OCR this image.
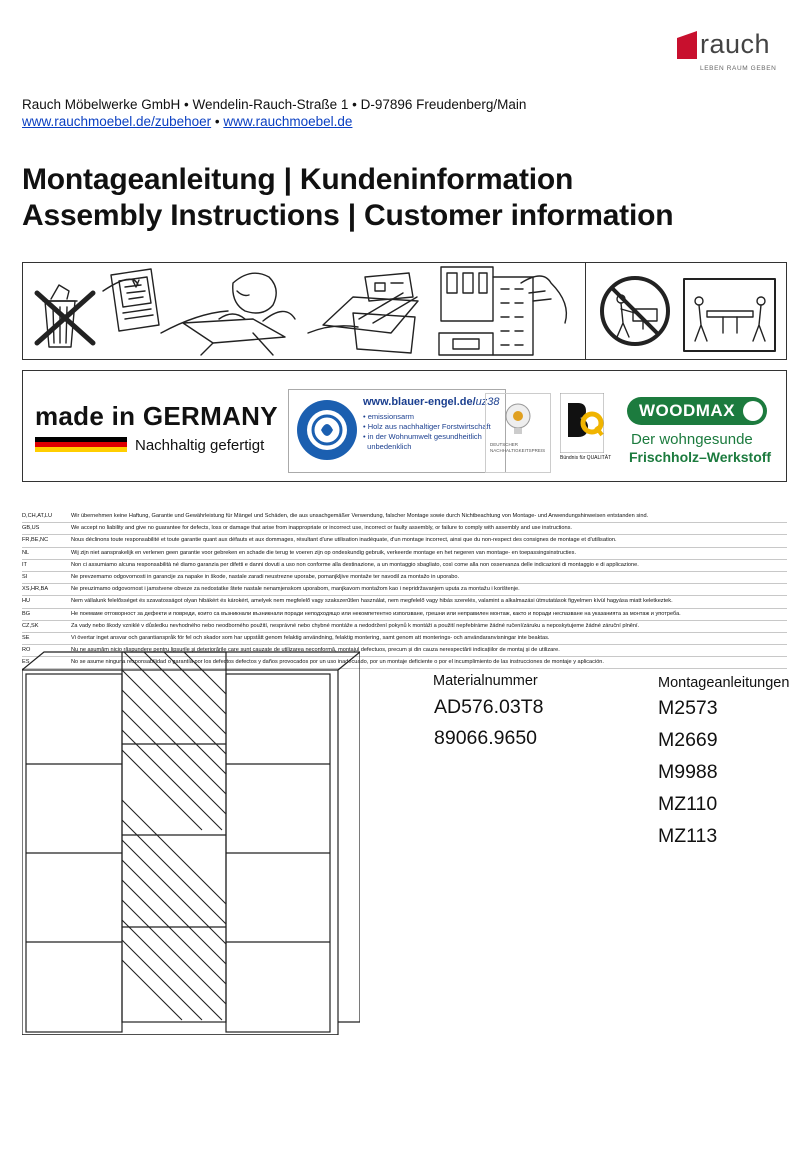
rauch
LEBEN RAUM GEBEN
Rauch Möbelwerke GmbH • Wendelin-Rauch-Straße 1 • D-97896 Freudenberg/Main
www.rauchmoebel.de/zubehoer • www.rauchmoebel.de
Montageanleitung | Kundeninformation
Assembly Instructions | Customer information
made in GERMANY
Nachhaltig gefertigt
www.blauer-engel.de/uz38
• emissionsarm
• Holz aus nachhaltiger Forstwirtschaft
• in der Wohnumwelt gesundheitlich
unbedenklich	DEUTSCHER
NACHHALTIGKEITSPREIS
Bündnis für QUALITÄT
WOODMAX
Der wohngesunde
Frischholz–Werkstoff
D,CH,AT,LU	Wir übernehmen keine Haftung, Garantie und Gewährleistung für Mängel und Schäden, die aus unsachgemäßer Verwendung, falscher Montage sowie durch Nichtbeachtung von Montage- und Anwendungshinweisen entstanden sind.
GB,US	We accept no liability and give no guarantee for defects, loss or damage that arise from inappropriate or incorrect use, incorrect or faulty assembly, or failure to comply with assembly and use instructions.
FR,BE,NC	Nous déclinons toute responsabilité et toute garantie quant aux défauts et aux dommages, résultant d'une utilisation inadéquate, d'un montage incorrect, ainsi que du non-respect des consignes de montage et d'utilisation.
NL	Wij zijn niet aansprakelijk en verlenen geen garantie voor gebreken en schade die terug te voeren zijn op ondeskundig gebruik, verkeerde montage en het negeren van montage- en toepassingsinstructies.
IT	Non ci assumiamo alcuna responsabilità né diamo garanzia per difetti e danni dovuti a uso non conforme alla destinazione, a un montaggio sbagliato, così come alla non osservanza delle indicazioni di montaggio e di applicazione.
SI	Ne prevzemamo odgovornosti in garancije za napake in škode, nastale zaradi neustrezne uporabe, pomanjkljive montaže ter navodil za montažo in uporabo.
XS,HR,BA	Ne preuzimamo odgovornost i jamstvene obveze za nedostatke štete nastale nenamjenskom uporabom, manjkavom montažom kao i nepridržavanjem uputa za montažu i korištenje.
HU	Nem vállalunk felelősséget és szavatosságot olyan hibákért és károkért, amelyek nem megfelelő vagy szakszerűtlen használat, nem megfelelő vagy hibás szerelés, valamint a alkalmazási útmutatások figyelmen kívül hagyása miatt keletkeztek.
BG	Не поемаме отговорност за дефекти и повреди, които са възникнали възникнали поради неподходящо или некомпетентно използване, грешни или неправилен монтаж, както и поради неспазване на указанията за монтаж и употреба.
CZ,SK	Za vady nebo škody vzniklé v důsledku nevhodného nebo neodborného použití, nesprávné nebo chybné montáže a nedodržení pokynů k montáži a použití nepřebíráme žádné ručení/záruku a neposkytujeme žádné záruční plnění.
SE	Vi övertar inget ansvar och garantianspråk för fel och skador som har uppstått genom felaktig användning, felaktig montering, samt genom att monterings- och användaranvisningar inte beaktas.
RO	Nu ne asumăm nicio răspundere pentru lipsurile și deteriorările care sunt cauzate de utilizarea neconformă, montajul defectuos, precum și din cauza nerespectării indicațiilor de montaj și de utilizare.
ES	No se asume ninguna responsabilidad o garantía por los defectos defectos y daños provocados por un uso inadecuado, por un montaje deficiente o por el incumplimiento de las instrucciones de montaje y aplicación.
Materialnummer
AD576.03T8
89066.9650
Montageanleitungen
M2573
M2669
M9988
MZ110
MZ113
